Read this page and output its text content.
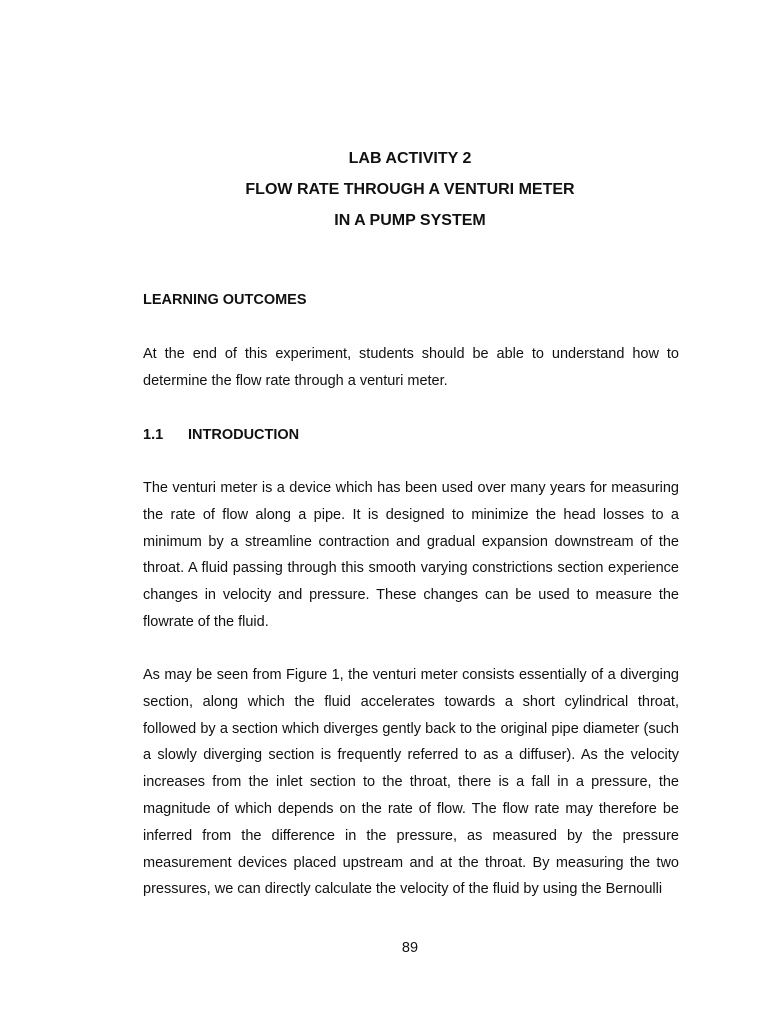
LAB ACTIVITY 2

FLOW RATE THROUGH A VENTURI METER

IN A PUMP SYSTEM

LEARNING OUTCOMES

At the end of this experiment, students should be able to understand how to determine the flow rate through a venturi meter.

1.1 INTRODUCTION

The venturi meter is a device which has been used over many years for measuring the rate of flow along a pipe. It is designed to minimize the head losses to a minimum by a streamline contraction and gradual expansion downstream of the throat. A fluid passing through this smooth varying constrictions section experience changes in velocity and pressure. These changes can be used to measure the flowrate of the fluid.

As may be seen from Figure 1, the venturi meter consists essentially of a diverging section, along which the fluid accelerates towards a short cylindrical throat, followed by a section which diverges gently back to the original pipe diameter (such a slowly diverging section is frequently referred to as a diffuser). As the velocity increases from the inlet section to the throat, there is a fall in a pressure, the magnitude of which depends on the rate of flow. The flow rate may therefore be inferred from the difference in the pressure, as measured by the pressure measurement devices placed upstream and at the throat. By measuring the two pressures, we can directly calculate the velocity of the fluid by using the Bernoulli

89
